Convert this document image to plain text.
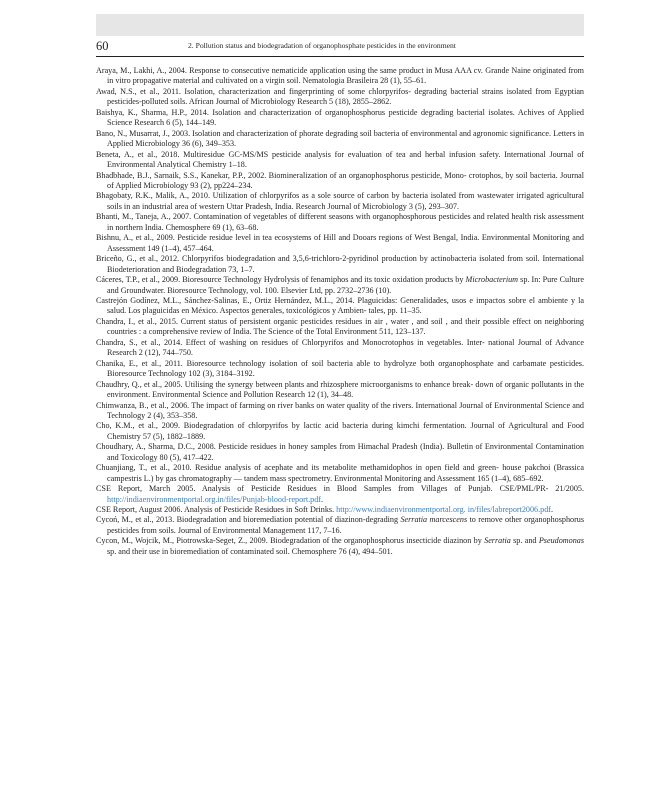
60	2. Pollution status and biodegradation of organophosphate pesticides in the environment
Araya, M., Lakhi, A., 2004. Response to consecutive nematicide application using the same product in Musa AAA cv. Grande Naine originated from in vitro propagative material and cultivated on a virgin soil. Nematologia Brasileira 28 (1), 55–61.
Awad, N.S., et al., 2011. Isolation, characterization and fingerprinting of some chlorpyrifos- degrading bacterial strains isolated from Egyptian pesticides-polluted soils. African Journal of Microbiology Research 5 (18), 2855–2862.
Baishya, K., Sharma, H.P., 2014. Isolation and characterization of organophosphorus pesticide degrading bacterial isolates. Achives of Applied Science Research 6 (5), 144–149.
Bano, N., Musarrat, J., 2003. Isolation and characterization of phorate degrading soil bacteria of environmental and agronomic significance. Letters in Applied Microbiology 36 (6), 349–353.
Beneta, A., et al., 2018. Multiresidue GC-MS/MS pesticide analysis for evaluation of tea and herbal infusion safety. International Journal of Environmental Analytical Chemistry 1–18.
Bhadbhade, B.J., Sarnaik, S.S., Kanekar, P.P., 2002. Biomineralization of an organophosphorus pesticide, Mono- crotophos, by soil bacteria. Journal of Applied Microbiology 93 (2), pp224–234.
Bhagobaty, R.K., Malik, A., 2010. Utilization of chlorpyrifos as a sole source of carbon by bacteria isolated from wastewater irrigated agricultural soils in an industrial area of western Uttar Pradesh, India. Research Journal of Microbiology 3 (5), 293–307.
Bhanti, M., Taneja, A., 2007. Contamination of vegetables of different seasons with organophosphorous pesticides and related health risk assessment in northern India. Chemosphere 69 (1), 63–68.
Bishnu, A., et al., 2009. Pesticide residue level in tea ecosystems of Hill and Dooars regions of West Bengal, India. Environmental Monitoring and Assessment 149 (1–4), 457–464.
Briceño, G., et al., 2012. Chlorpyrifos biodegradation and 3,5,6-trichloro-2-pyridinol production by actinobacteria isolated from soil. International Biodeterioration and Biodegradation 73, 1–7.
Cáceres, T.P., et al., 2009. Bioresource Technology Hydrolysis of fenamiphos and its toxic oxidation products by Microbacterium sp. In: Pure Culture and Groundwater. Bioresource Technology, vol. 100. Elsevier Ltd, pp. 2732–2736 (10).
Castrejón Godínez, M.L., Sánchez-Salinas, E., Ortiz Hernández, M.L., 2014. Plaguicidas: Generalidades, usos e impactos sobre el ambiente y la salud. Los plaguicidas en México. Aspectos generales, toxicológicos y Ambien- tales, pp. 11–35.
Chandra, I., et al., 2015. Current status of persistent organic pesticides residues in air , water , and soil , and their possible effect on neighboring countries : a comprehensive review of India. The Science of the Total Environment 511, 123–137.
Chandra, S., et al., 2014. Effect of washing on residues of Chlorpyrifos and Monocrotophos in vegetables. Inter- national Journal of Advance Research 2 (12), 744–750.
Chanika, E., et al., 2011. Bioresource technology isolation of soil bacteria able to hydrolyze both organophosphate and carbamate pesticides. Bioresource Technology 102 (3), 3184–3192.
Chaudhry, Q., et al., 2005. Utilising the synergy between plants and rhizosphere microorganisms to enhance break- down of organic pollutants in the environment. Environmental Science and Pollution Research 12 (1), 34–48.
Chimwanza, B., et al., 2006. The impact of farming on river banks on water quality of the rivers. International Journal of Environmental Science and Technology 2 (4), 353–358.
Cho, K.M., et al., 2009. Biodegradation of chlorpyrifos by lactic acid bacteria during kimchi fermentation. Journal of Agricultural and Food Chemistry 57 (5), 1882–1889.
Choudhary, A., Sharma, D.C., 2008. Pesticide residues in honey samples from Himachal Pradesh (India). Bulletin of Environmental Contamination and Toxicology 80 (5), 417–422.
Chuanjiang, T., et al., 2010. Residue analysis of acephate and its metabolite methamidophos in open field and green- house pakchoi (Brassica campestris L.) by gas chromatography — tandem mass spectrometry. Environmental Monitoring and Assessment 165 (1–4), 685–692.
CSE Report, March 2005. Analysis of Pesticide Residues in Blood Samples from Villages of Punjab. CSE/PML/PR- 21/2005. http://indiaenvironmentportal.org.in/files/Punjab-blood-report.pdf.
CSE Report, August 2006. Analysis of Pesticide Residues in Soft Drinks. http://www.indiaenvironmentportal.org. in/files/labreport2006.pdf.
Cycoń, M., et al., 2013. Biodegradation and bioremediation potential of diazinon-degrading Serratia marcescens to remove other organophosphorus pesticides from soils. Journal of Environmental Management 117, 7–16.
Cycon, M., Wojcik, M., Piotrowska-Seget, Z., 2009. Biodegradation of the organophosphorus insecticide diazinon by Serratia sp. and Pseudomonas sp. and their use in bioremediation of contaminated soil. Chemosphere 76 (4), 494–501.
